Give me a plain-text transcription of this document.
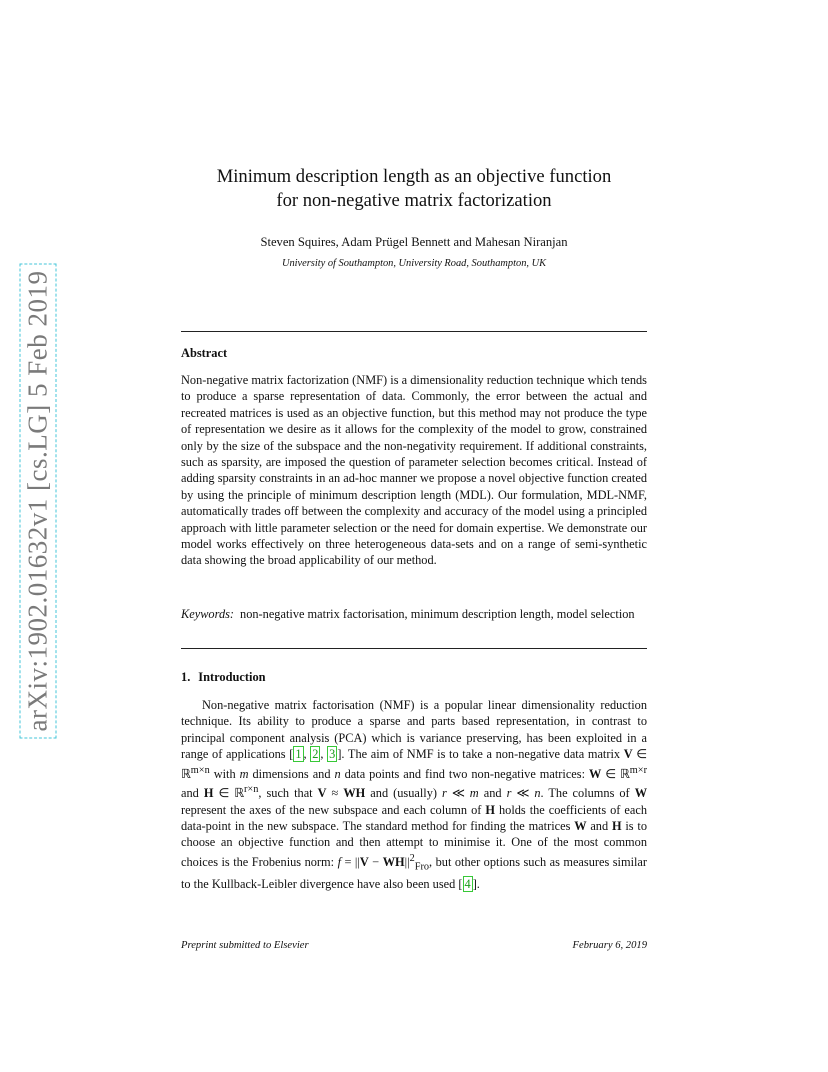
arXiv:1902.01632v1 [cs.LG] 5 Feb 2019
Minimum description length as an objective function
for non-negative matrix factorization
Steven Squires, Adam Prügel Bennett and Mahesan Niranjan
University of Southampton, University Road, Southampton, UK
Abstract
Non-negative matrix factorization (NMF) is a dimensionality reduction technique which tends to produce a sparse representation of data. Commonly, the error between the actual and recreated matrices is used as an objective function, but this method may not produce the type of representation we desire as it allows for the complexity of the model to grow, constrained only by the size of the subspace and the non-negativity requirement. If additional constraints, such as sparsity, are imposed the question of parameter selection becomes critical. Instead of adding sparsity constraints in an ad-hoc manner we propose a novel objective function created by using the principle of minimum description length (MDL). Our formulation, MDL-NMF, automatically trades off between the complexity and accuracy of the model using a principled approach with little parameter selection or the need for domain expertise. We demonstrate our model works effectively on three heterogeneous data-sets and on a range of semi-synthetic data showing the broad applicability of our method.
Keywords: non-negative matrix factorisation, minimum description length, model selection
1. Introduction
Non-negative matrix factorisation (NMF) is a popular linear dimensionality reduction technique. Its ability to produce a sparse and parts based representation, in contrast to principal component analysis (PCA) which is variance preserving, has been exploited in a range of applications [ 1 , 2 , 3 ]. The aim of NMF is to take a non-negative data matrix V ∈ ℝ$^{m\times n}$ with m dimensions and n data points and find two non-negative matrices: W ∈ ℝ$^{m\times r}$ and H ∈ ℝ$^{r\times n}$, such that V ≈ WH and (usually) r ≪ m and r ≪ n. The columns of W represent the axes of the new subspace and each column of H holds the coefficients of each data-point in the new subspace. The standard method for finding the matrices W and H is to choose an objective function and then attempt to minimise it. One of the most common choices is the Frobenius norm: $f = ||V - WH||^2_{Fro}$, but other options such as measures similar to the Kullback-Leibler divergence have also been used [ 4 ].
Preprint submitted to Elsevier	February 6, 2019
